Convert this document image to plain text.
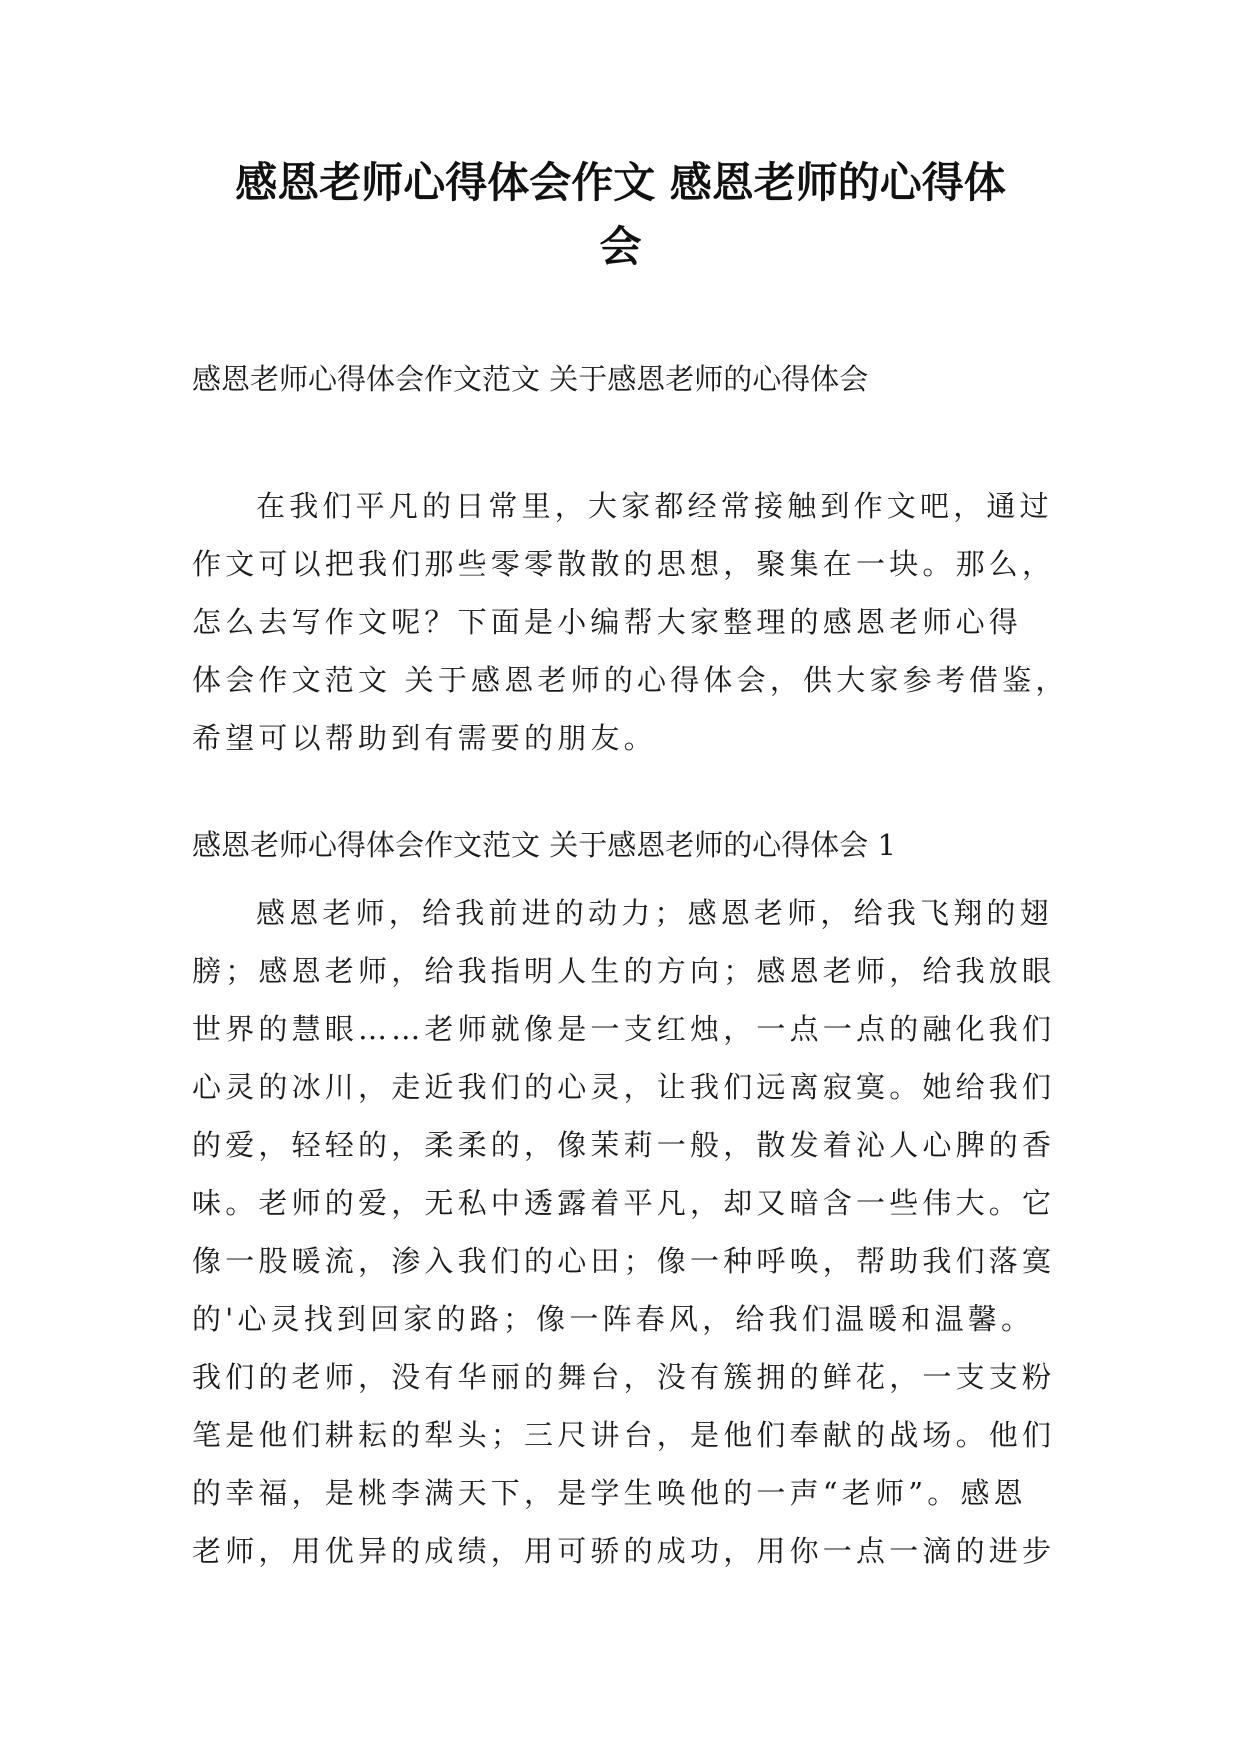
感恩老师心得体会作文 感恩老师的心得体
会

感恩老师心得体会作文范文 关于感恩老师的心得体会

在我们平凡的日常里，大家都经常接触到作文吧，通过
作文可以把我们那些零零散散的思想，聚集在一块。那么，
怎么去写作文呢？下面是小编帮大家整理的感恩老师心得
体会作文范文 关于感恩老师的心得体会，供大家参考借鉴，
希望可以帮助到有需要的朋友。

感恩老师心得体会作文范文 关于感恩老师的心得体会 1

感恩老师，给我前进的动力；感恩老师，给我飞翔的翅
膀；感恩老师，给我指明人生的方向；感恩老师，给我放眼
世界的慧眼……老师就像是一支红烛，一点一点的融化我们
心灵的冰川，走近我们的心灵，让我们远离寂寞。她给我们
的爱，轻轻的，柔柔的，像茉莉一般，散发着沁人心脾的香
味。老师的爱，无私中透露着平凡，却又暗含一些伟大。它
像一股暖流，渗入我们的心田；像一种呼唤，帮助我们落寞
的'心灵找到回家的路；像一阵春风，给我们温暖和温馨。
我们的老师，没有华丽的舞台，没有簇拥的鲜花，一支支粉
笔是他们耕耘的犁头；三尺讲台，是他们奉献的战场。他们
的幸福，是桃李满天下，是学生唤他的一声“老师”。感恩
老师，用优异的成绩，用可骄的成功，用你一点一滴的进步
